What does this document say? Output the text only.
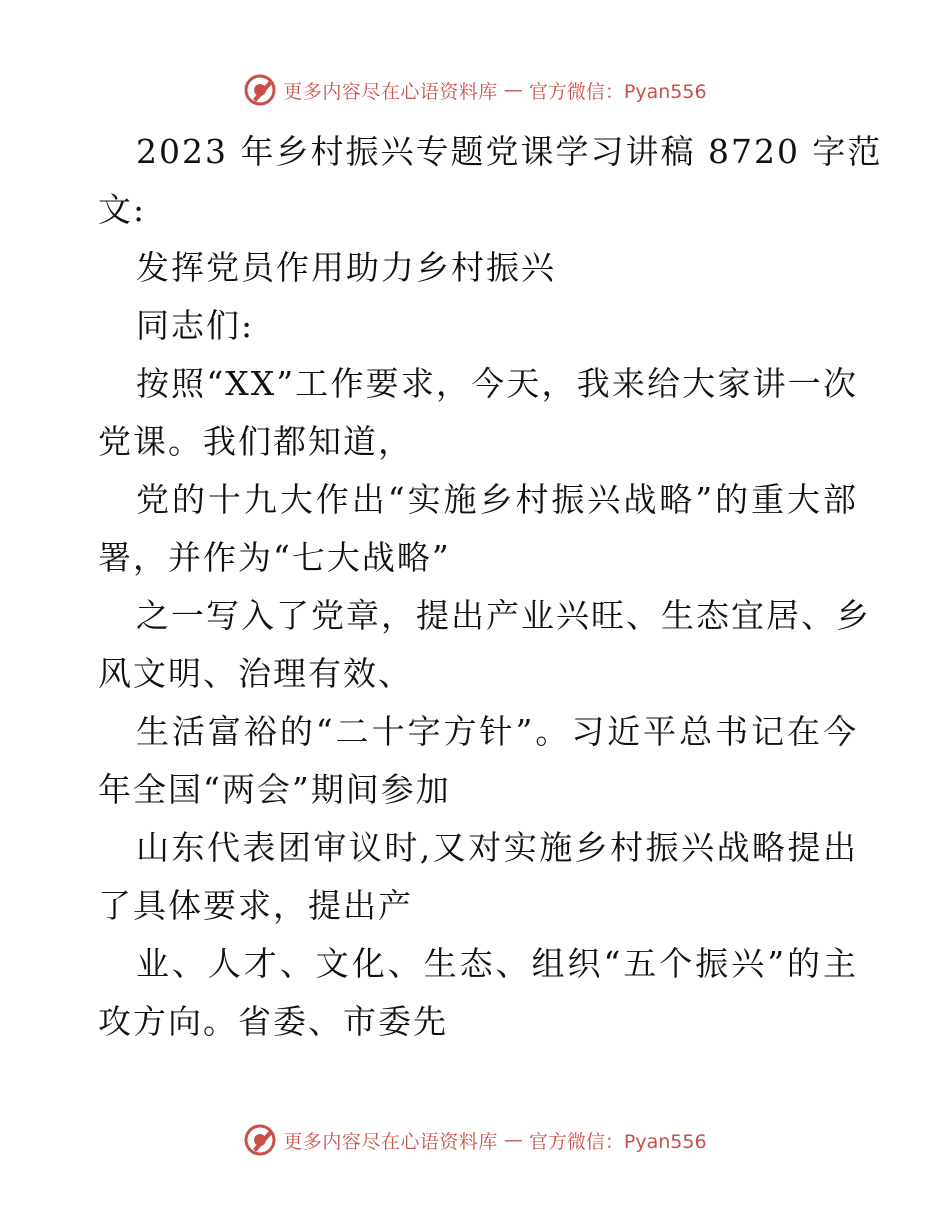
更多内容尽在心语资料库 — 官方微信：Pyan556
2023 年乡村振兴专题党课学习讲稿 8720 字范
文:
发挥党员作用助力乡村振兴
同志们:
按照“XX”工作要求，今天，我来给大家讲一次
党课。我们都知道，
党的十九大作出“实施乡村振兴战略”的重大部
署，并作为“七大战略”
之一写入了党章，提出产业兴旺、生态宜居、乡
风文明、治理有效、
生活富裕的“二十字方针”。习近平总书记在今
年全国“两会”期间参加
山东代表团审议时,又对实施乡村振兴战略提出
了具体要求，提出产
业、人才、文化、生态、组织“五个振兴”的主
攻方向。省委、市委先
更多内容尽在心语资料库 — 官方微信：Pyan556
